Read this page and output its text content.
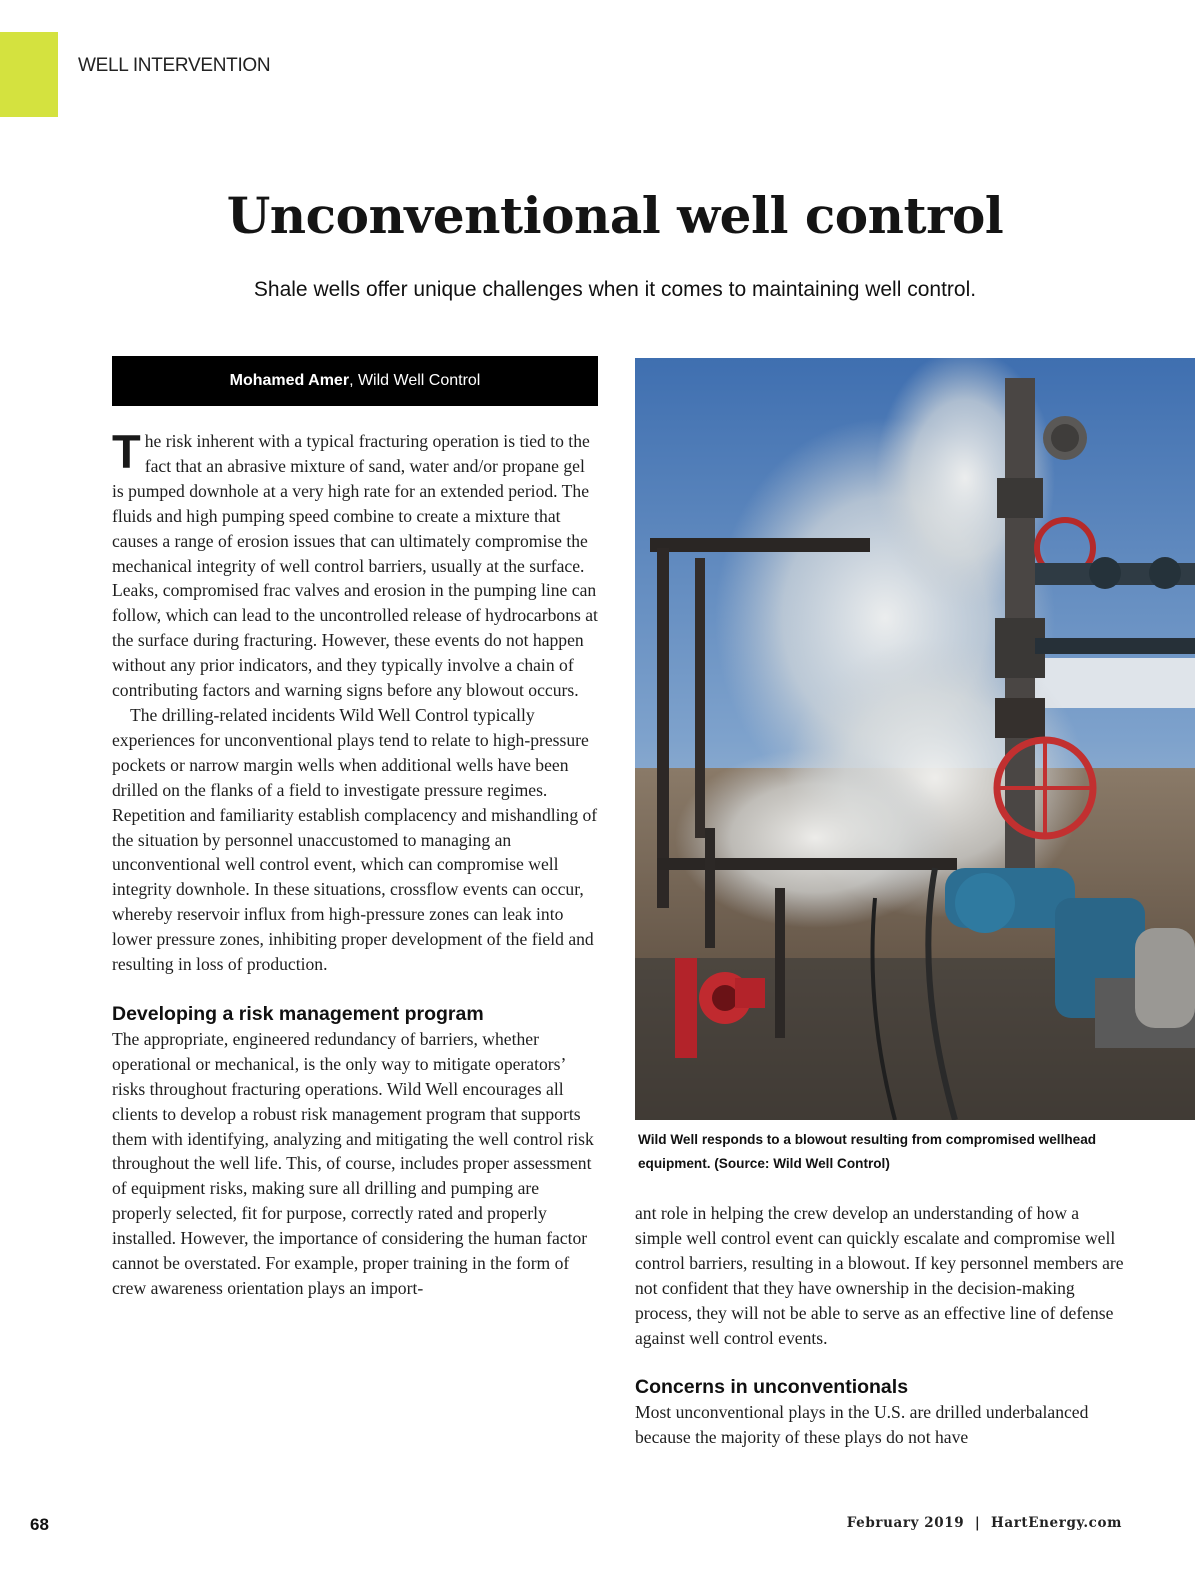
WELL INTERVENTION
Unconventional well control
Shale wells offer unique challenges when it comes to maintaining well control.
Mohamed Amer, Wild Well Control

The risk inherent with a typical fracturing operation is tied to the fact that an abrasive mixture of sand, water and/or propane gel is pumped downhole at a very high rate for an extended period. The fluids and high pumping speed combine to create a mixture that causes a range of erosion issues that can ultimately compromise the mechanical integrity of well control barriers, usually at the surface. Leaks, compromised frac valves and erosion in the pumping line can follow, which can lead to the uncontrolled release of hydrocarbons at the surface during fracturing. However, these events do not happen without any prior indicators, and they typically involve a chain of contributing factors and warning signs before any blowout occurs.

The drilling-related incidents Wild Well Control typically experiences for unconventional plays tend to relate to high-pressure pockets or narrow margin wells when additional wells have been drilled on the flanks of a field to investigate pressure regimes. Repetition and familiarity establish complacency and mishandling of the situation by personnel unaccustomed to managing an unconventional well control event, which can compromise well integrity downhole. In these situations, crossflow events can occur, whereby reservoir influx from high-pressure zones can leak into lower pressure zones, inhibiting proper development of the field and resulting in loss of production.

Developing a risk management program

The appropriate, engineered redundancy of barriers, whether operational or mechanical, is the only way to mitigate operators’ risks throughout fracturing operations. Wild Well encourages all clients to develop a robust risk management program that supports them with identifying, analyzing and mitigating the well control risk throughout the well life. This, of course, includes proper assessment of equipment risks, making sure all drilling and pumping are properly selected, fit for purpose, correctly rated and properly installed. However, the importance of considering the human factor cannot be overstated. For example, proper training in the form of crew awareness orientation plays an import-

Wild Well responds to a blowout resulting from compromised wellhead equipment. (Source: Wild Well Control)

ant role in helping the crew develop an understanding of how a simple well control event can quickly escalate and compromise well control barriers, resulting in a blowout. If key personnel members are not confident that they have ownership in the decision-making process, they will not be able to serve as an effective line of defense against well control events.

Concerns in unconventionals

Most unconventional plays in the U.S. are drilled underbalanced because the majority of these plays do not have

68	February 2019  |  HartEnergy.com
